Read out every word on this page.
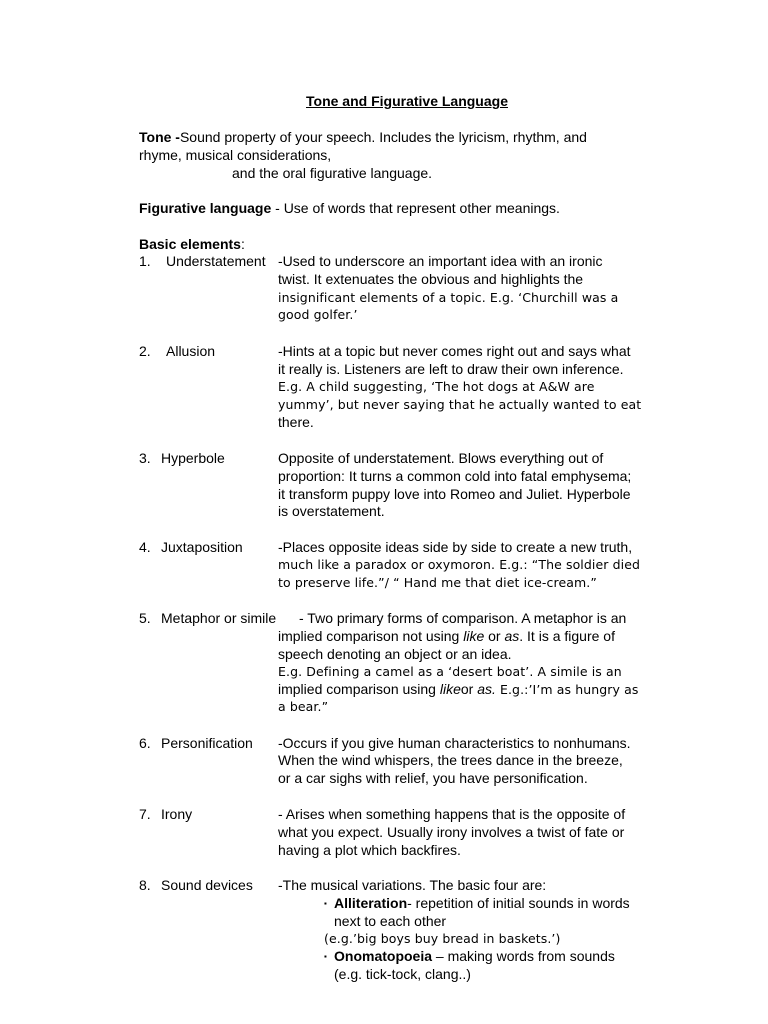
Tone and Figurative Language
Tone -Sound property of your speech. Includes the lyricism, rhythm, and
rhyme, musical considerations,
and the oral figurative language.
Figurative language - Use of words that represent other meanings.
Basic elements:
1. Understatement -Used to underscore an important idea with an ironic
twist. It extenuates the obvious and highlights the
insignificant elements of a topic. E.g. ‘Churchill was a
good golfer.’
2. Allusion	-Hints at a topic but never comes right out and says what
it really is. Listeners are left to draw their own inference.
E.g. A child suggesting, ‘The hot dogs at A&W are
yummy’, but never saying that he actually wanted to eat
there.
3. Hyperbole	Opposite of understatement. Blows everything out of
proportion: It turns a common cold into fatal emphysema;
it transform puppy love into Romeo and Juliet. Hyperbole
is overstatement.
4. Juxtaposition	-Places opposite ideas side by side to create a new truth,
much like a paradox or oxymoron. E.g.: “The soldier died
to preserve life.”/ “ Hand me that diet ice-cream.”
5. Metaphor or simile - Two primary forms of comparison. A metaphor is an
implied comparison not using like or as. It is a figure of
speech denoting an object or an idea.
E.g. Defining a camel as a ‘desert boat’. A simile is an
implied comparison using likeor as. E.g.:’I’m as hungry as
a bear.”
6. Personification -Occurs if you give human characteristics to nonhumans.
When the wind whispers, the trees dance in the breeze,
or a car sighs with relief, you have personification.
7. Irony	- Arises when something happens that is the opposite of
what you expect. Usually irony involves a twist of fate or
having a plot which backfires.
8. Sound devices -The musical variations. The basic four are:
▪ Alliteration- repetition of initial sounds in words
next to each other
(e.g.’big boys buy bread in baskets.’)
▪ Onomatopoeia – making words from sounds
(e.g. tick-tock, clang..)
